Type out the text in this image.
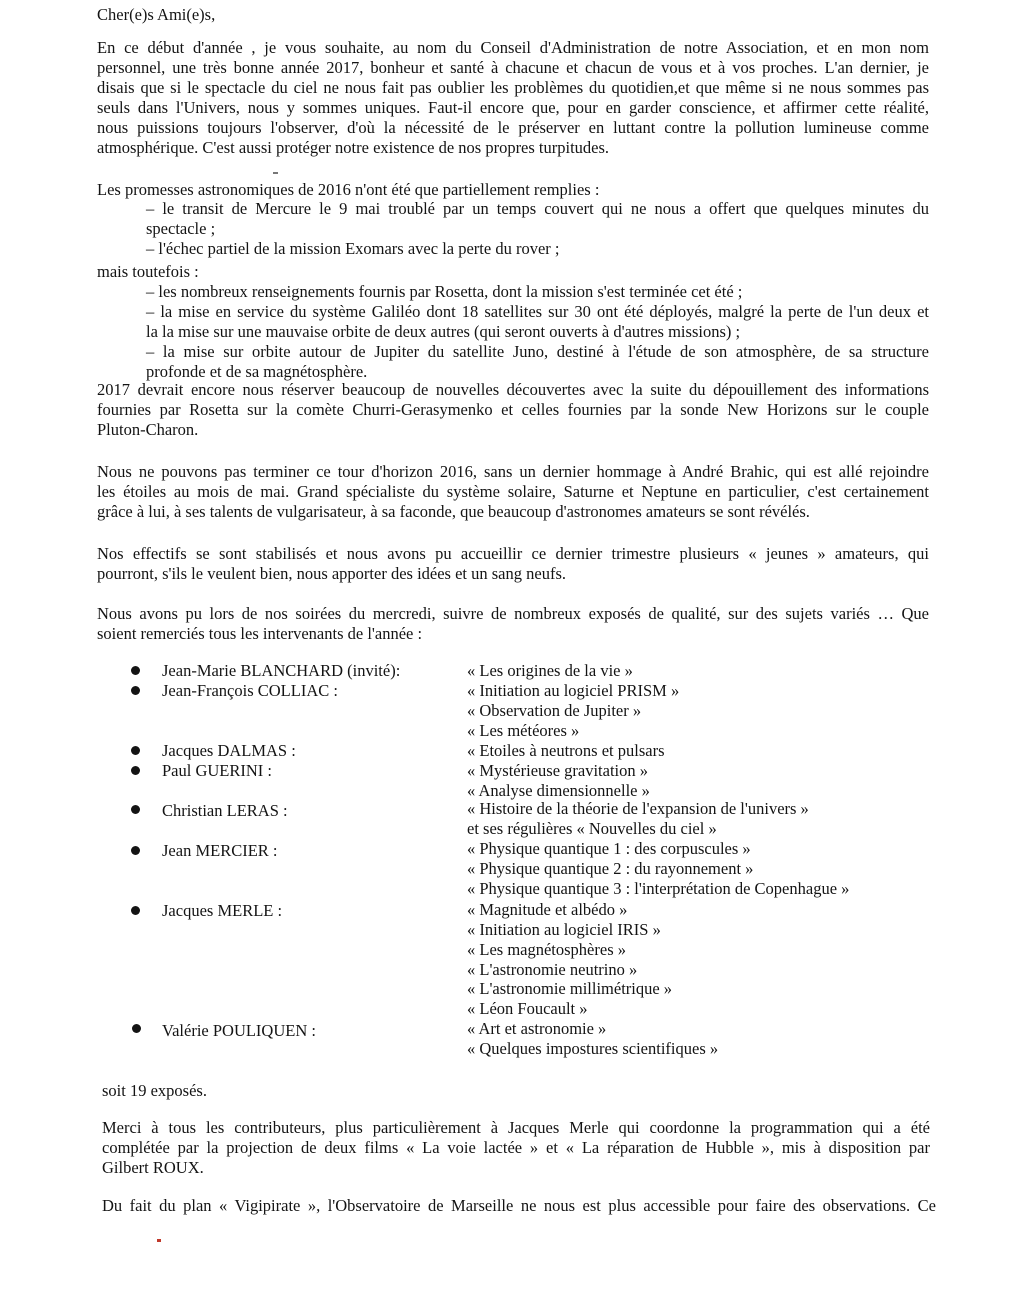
Cher(e)s Ami(e)s,
En ce début d'année , je vous souhaite, au nom du Conseil d'Administration de notre Association, et en mon nom
personnel, une très bonne année 2017, bonheur et santé à chacune et chacun de vous et à vos proches. L'an dernier, je
disais que si le spectacle du ciel ne nous fait pas oublier les problèmes du quotidien,et que même si ne nous sommes pas
seuls dans l'Univers, nous y sommes uniques. Faut-il encore que, pour en garder conscience, et affirmer cette réalité,
nous puissions toujours l'observer, d'où la nécessité de le préserver en luttant contre la pollution lumineuse comme
atmosphérique. C'est aussi protéger notre existence de nos propres turpitudes.
Les promesses astronomiques de 2016 n'ont été que partiellement remplies :
– le transit de Mercure le 9 mai troublé par un temps couvert qui ne nous a offert que quelques minutes du
spectacle ;
– l'échec partiel de la mission Exomars avec la perte du rover ;
mais toutefois :
– les nombreux renseignements fournis par Rosetta, dont la mission s'est terminée cet été ;
– la mise en service du système Galiléo dont 18 satellites sur 30 ont été déployés, malgré la perte de l'un deux et
la la mise sur une mauvaise orbite de deux autres (qui seront ouverts à d'autres missions) ;
– la mise sur orbite autour de Jupiter du satellite Juno, destiné à l'étude de son atmosphère, de sa structure
profonde et de sa magnétosphère.
2017 devrait encore nous réserver beaucoup de nouvelles découvertes avec la suite du dépouillement des informations
fournies par Rosetta sur la comète Churri-Gerasymenko et celles fournies par la sonde New Horizons sur le couple
Pluton-Charon.
Nous ne pouvons pas terminer ce tour d'horizon 2016, sans un dernier hommage à André Brahic, qui est allé rejoindre
les étoiles au mois de mai. Grand spécialiste du système solaire, Saturne et Neptune en particulier, c'est certainement
grâce à lui, à ses talents de vulgarisateur, à sa faconde, que beaucoup d'astronomes amateurs se sont révélés.
Nos effectifs se sont stabilisés et nous avons pu accueillir ce dernier trimestre plusieurs « jeunes » amateurs, qui
pourront, s'ils le veulent bien, nous apporter des idées et un sang neufs.
Nous avons pu lors de nos soirées du mercredi, suivre de nombreux exposés de qualité, sur des sujets variés … Que
soient remerciés tous les intervenants de l'année :
Jean-Marie BLANCHARD (invité):	« Les origines de la vie »
Jean-François COLLIAC :	« Initiation au logiciel PRISM »
« Observation de Jupiter »
« Les météores »
Jacques DALMAS :	« Etoiles à neutrons et pulsars
Paul GUERINI :	« Mystérieuse gravitation »
« Analyse dimensionnelle »
Christian LERAS :	« Histoire de la théorie de l'expansion de l'univers »
et ses régulières « Nouvelles du ciel »
Jean MERCIER :	« Physique quantique 1 : des corpuscules »
« Physique quantique 2 : du rayonnement »
« Physique quantique 3 : l'interprétation de Copenhague »
Jacques MERLE :	« Magnitude et albédo »
« Initiation au logiciel IRIS »
« Les magnétosphères »
« L'astronomie neutrino »
« L'astronomie millimétrique »
« Léon Foucault »
Valérie POULIQUEN :	« Art et astronomie »
« Quelques impostures scientifiques »
soit 19 exposés.
Merci à tous les contributeurs, plus particulièrement à Jacques Merle qui coordonne la programmation qui a été
complétée par la projection de deux films « La voie lactée » et « La réparation de Hubble », mis à disposition par
Gilbert ROUX.
Du fait du plan « Vigipirate », l'Observatoire de Marseille ne nous est plus accessible pour faire des observations. Ce
